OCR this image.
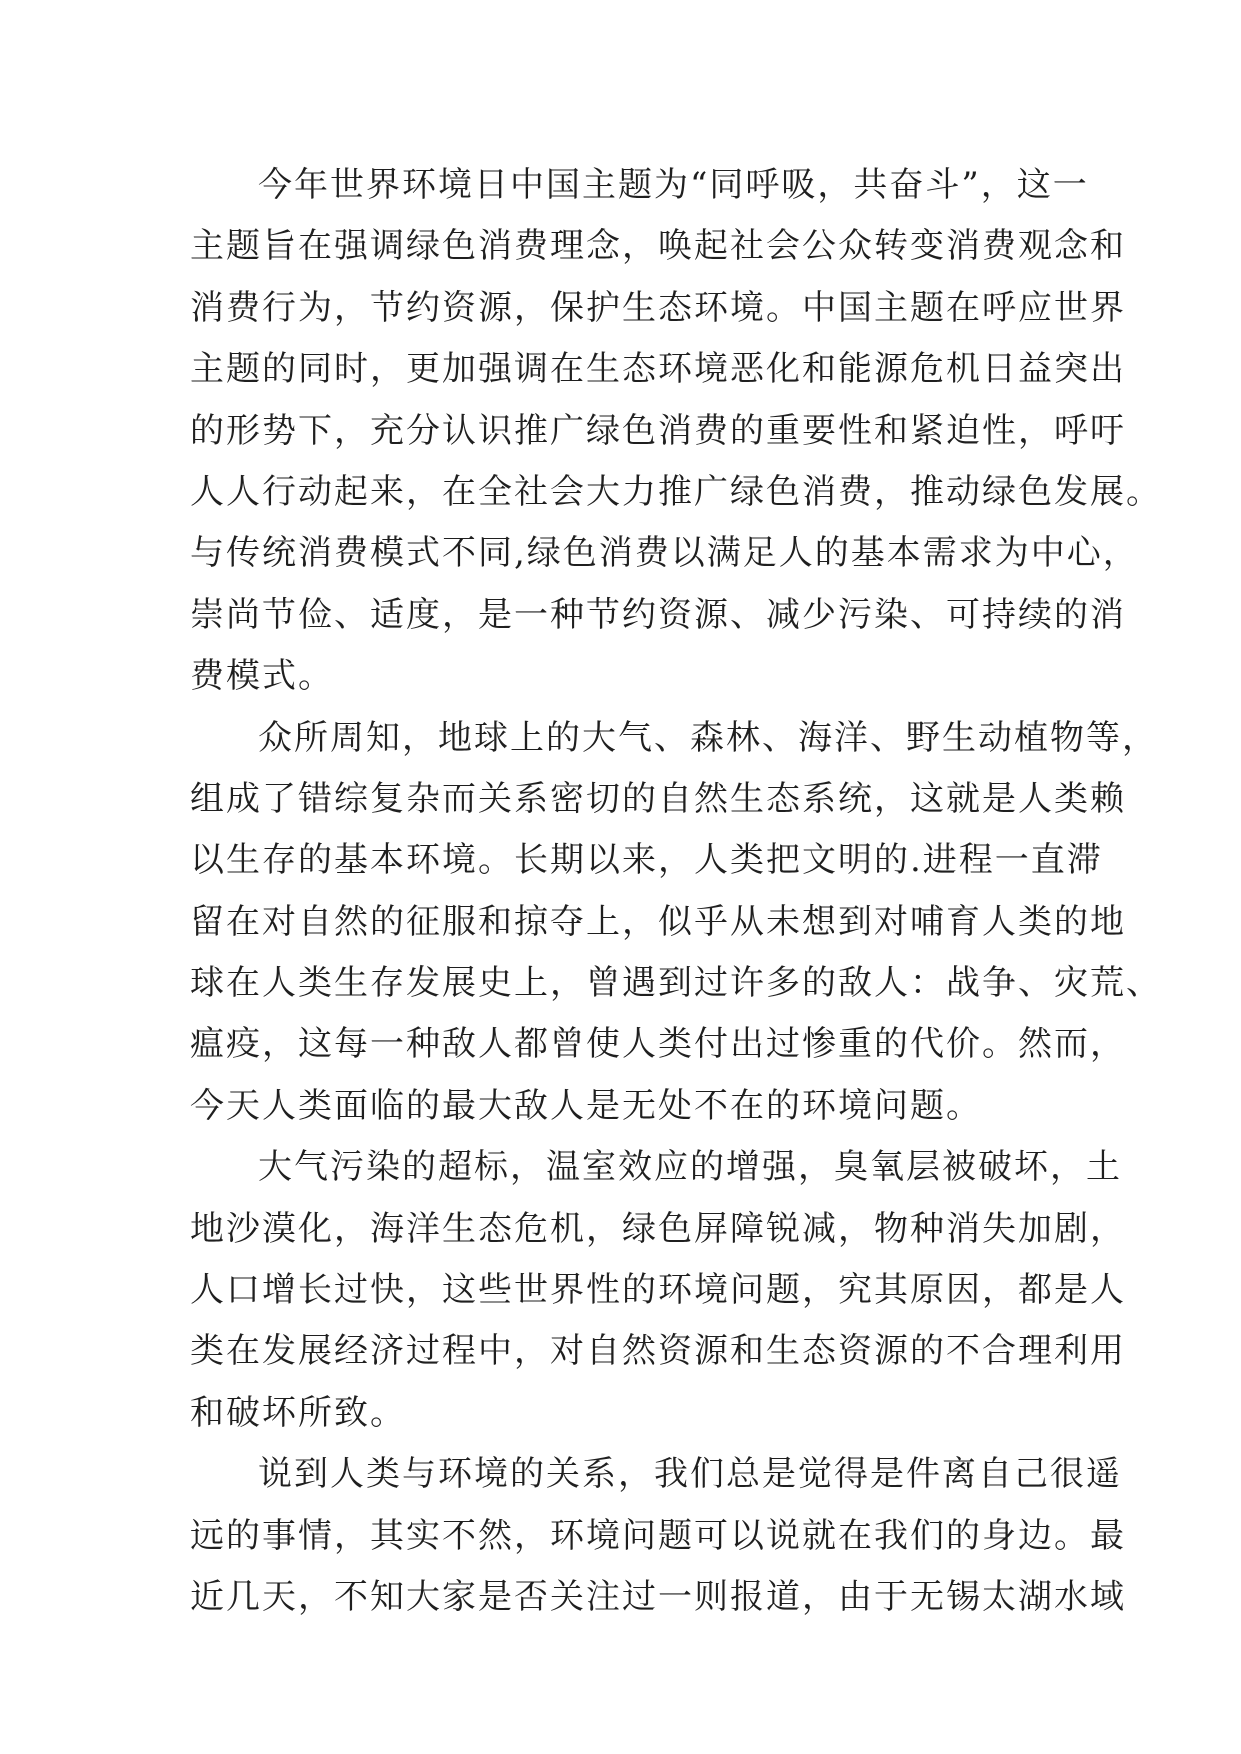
今年世界环境日中国主题为“同呼吸，共奋斗”，这一
主题旨在强调绿色消费理念，唤起社会公众转变消费观念和
消费行为，节约资源，保护生态环境。中国主题在呼应世界
主题的同时，更加强调在生态环境恶化和能源危机日益突出
的形势下，充分认识推广绿色消费的重要性和紧迫性，呼吁
人人行动起来，在全社会大力推广绿色消费，推动绿色发展。
与传统消费模式不同,绿色消费以满足人的基本需求为中心，
崇尚节俭、适度，是一种节约资源、减少污染、可持续的消
费模式。
众所周知，地球上的大气、森林、海洋、野生动植物等，
组成了错综复杂而关系密切的自然生态系统，这就是人类赖
以生存的基本环境。长期以来，人类把文明的.进程一直滞
留在对自然的征服和掠夺上，似乎从未想到对哺育人类的地
球在人类生存发展史上，曾遇到过许多的敌人：战争、灾荒、
瘟疫，这每一种敌人都曾使人类付出过惨重的代价。然而，
今天人类面临的最大敌人是无处不在的环境问题。
大气污染的超标，温室效应的增强，臭氧层被破坏，土
地沙漠化，海洋生态危机，绿色屏障锐减，物种消失加剧，
人口增长过快，这些世界性的环境问题，究其原因，都是人
类在发展经济过程中，对自然资源和生态资源的不合理利用
和破坏所致。
说到人类与环境的关系，我们总是觉得是件离自己很遥
远的事情，其实不然，环境问题可以说就在我们的身边。最
近几天，不知大家是否关注过一则报道，由于无锡太湖水域
